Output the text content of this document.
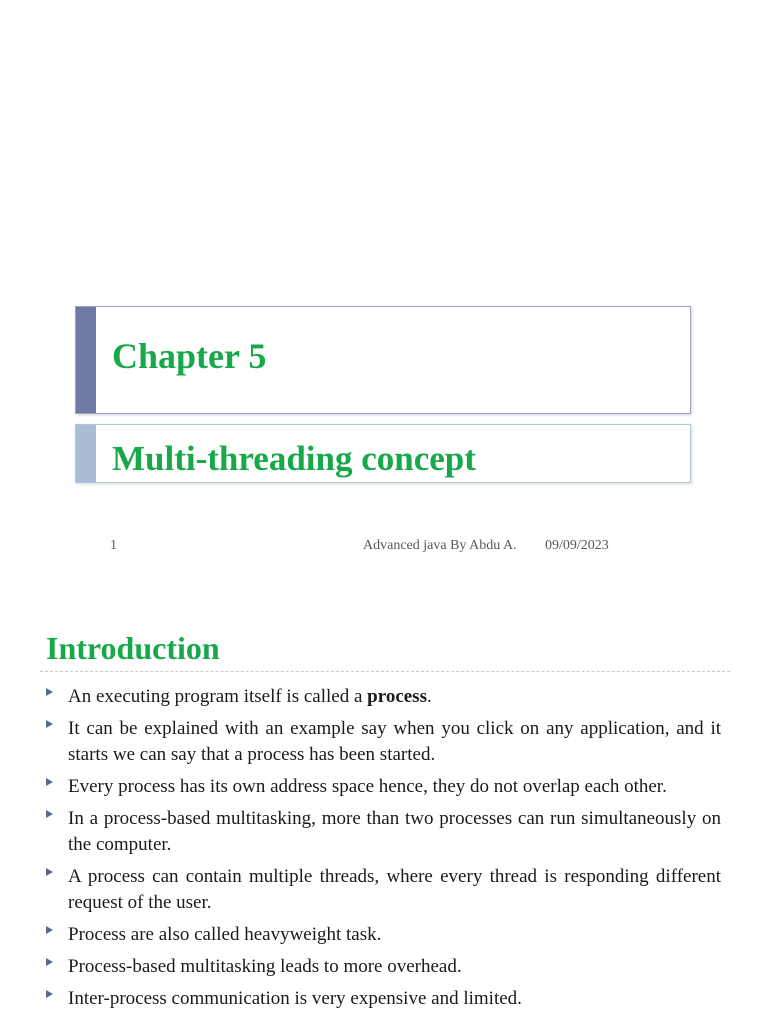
Chapter 5
Multi-threading concept
1	Advanced java By Abdu A. 09/09/2023
Introduction
An executing program itself is called a process.
It can be explained with an example say when you click on any application, and it starts we can say that a process has been started.
Every process has its own address space hence, they do not overlap each other.
In a process-based multitasking, more than two processes can run simultaneously on the computer.
A process can contain multiple threads, where every thread is responding different request of the user.
Process are also called heavyweight task.
Process-based multitasking leads to more overhead.
Inter-process communication is very expensive and limited.
